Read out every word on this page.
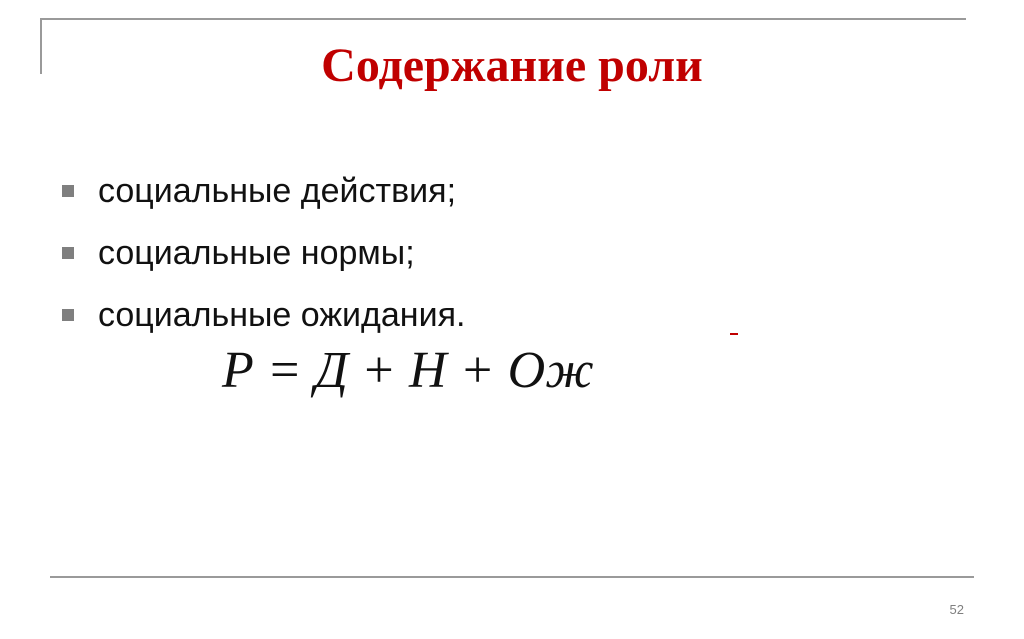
Содержание роли
социальные действия;
социальные нормы;
социальные ожидания.
Р = Д + Н + Ож
52
